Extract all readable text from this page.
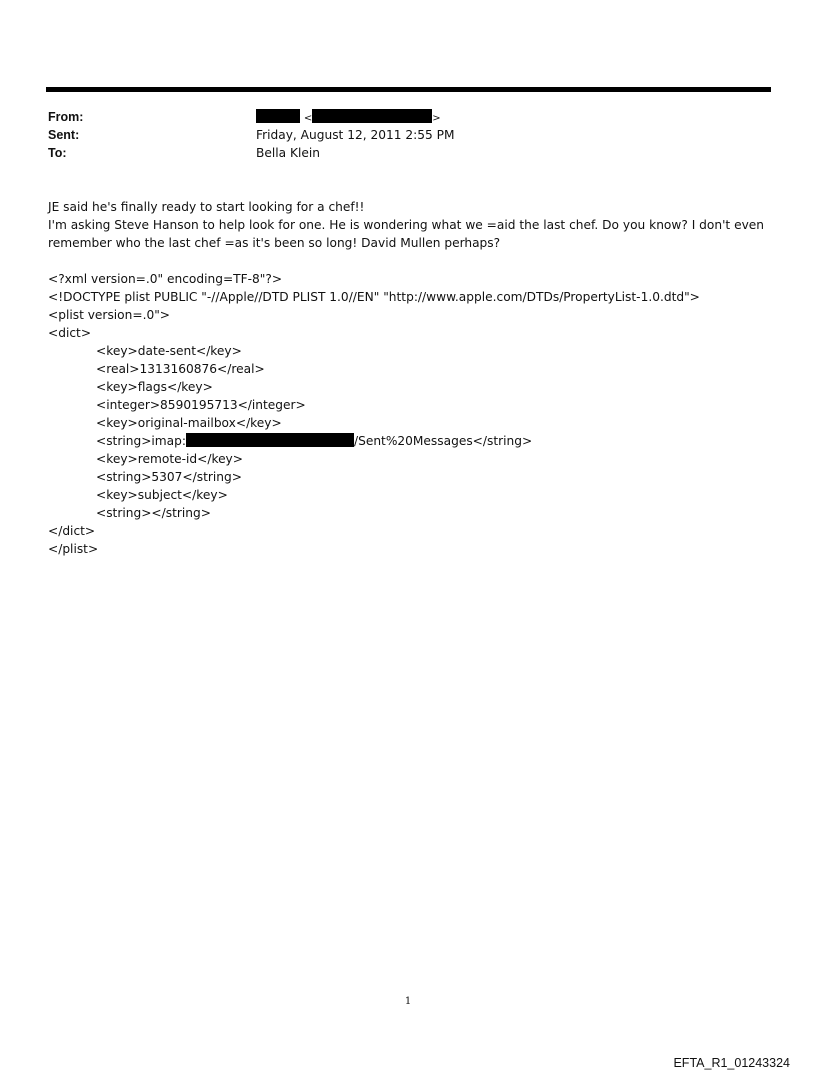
From:	<	>
Sent:	Friday, August 12, 2011 2:55 PM
To:	Bella Klein
JE said he's finally ready to start looking for a chef!!
I'm asking Steve Hanson to help look for one. He is wondering what we =aid the last chef. Do you know? I don't even
remember who the last chef =as it's been so long! David Mullen perhaps?
<?xml version=.0" encoding=TF-8"?>
<!DOCTYPE plist PUBLIC "-//Apple//DTD PLIST 1.0//EN" "http://www.apple.com/DTDs/PropertyList-1.0.dtd">
<plist version=.0">
<dict>
<key>date-sent</key>
<real>1313160876</real>
<key>flags</key>
<integer>8590195713</integer>
<key>original-mailbox</key>
<string>imap:	/Sent%20Messages</string>
<key>remote-id</key>
<string>5307</string>
<key>subject</key>
<string></string>
</dict>
</plist>
1
EFTA_R1_01243324
